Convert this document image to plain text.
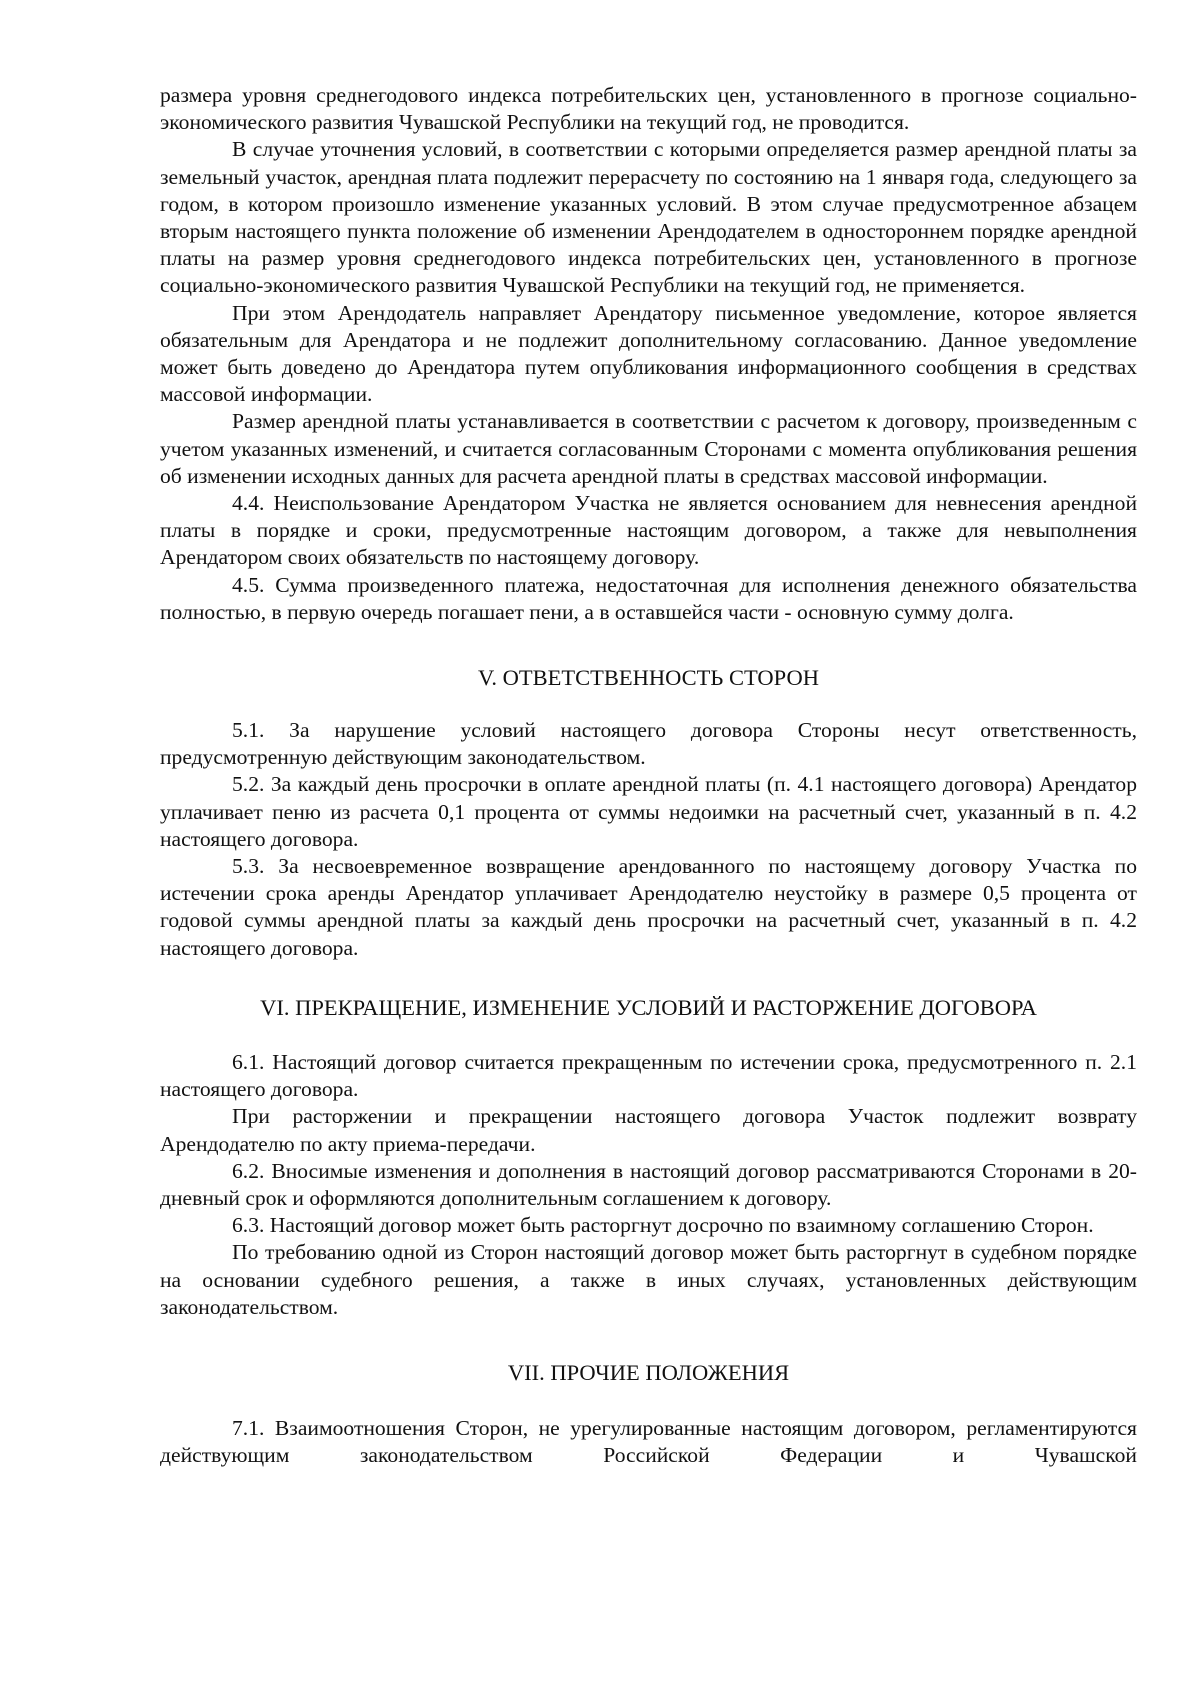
размера уровня среднегодового индекса потребительских цен, установленного в прогнозе социально-экономического развития Чувашской Республики на текущий год, не проводится.

В случае уточнения условий, в соответствии с которыми определяется размер арендной платы за земельный участок, арендная плата подлежит перерасчету по состоянию на 1 января года, следующего за годом, в котором произошло изменение указанных условий. В этом случае предусмотренное абзацем вторым настоящего пункта положение об изменении Арендодателем в одностороннем порядке арендной платы на размер уровня среднегодового индекса потребительских цен, установленного в прогнозе социально-экономического развития Чувашской Республики на текущий год, не применяется.

При этом Арендодатель направляет Арендатору письменное уведомление, которое является обязательным для Арендатора и не подлежит дополнительному согласованию. Данное уведомление может быть доведено до Арендатора путем опубликования информационного сообщения в средствах массовой информации.

Размер арендной платы устанавливается в соответствии с расчетом к договору, произведенным с учетом указанных изменений, и считается согласованным Сторонами с момента опубликования решения об изменении исходных данных для расчета арендной платы в средствах массовой информации.

4.4. Неиспользование Арендатором Участка не является основанием для невнесения арендной платы в порядке и сроки, предусмотренные настоящим договором, а также для невыполнения Арендатором своих обязательств по настоящему договору.

4.5. Сумма произведенного платежа, недостаточная для исполнения денежного обязательства полностью, в первую очередь погашает пени, а в оставшейся части - основную сумму долга.

V. ОТВЕТСТВЕННОСТЬ СТОРОН

5.1. За нарушение условий настоящего договора Стороны несут ответственность, предусмотренную действующим законодательством.

5.2. За каждый день просрочки в оплате арендной платы (п. 4.1 настоящего договора) Арендатор уплачивает пеню из расчета 0,1 процента от суммы недоимки на расчетный счет, указанный в п. 4.2 настоящего договора.

5.3. За несвоевременное возвращение арендованного по настоящему договору Участка по истечении срока аренды Арендатор уплачивает Арендодателю неустойку в размере 0,5 процента от годовой суммы арендной платы за каждый день просрочки на расчетный счет, указанный в п. 4.2 настоящего договора.

VI. ПРЕКРАЩЕНИЕ, ИЗМЕНЕНИЕ УСЛОВИЙ И РАСТОРЖЕНИЕ ДОГОВОРА

6.1. Настоящий договор считается прекращенным по истечении срока, предусмотренного п. 2.1 настоящего договора.

При расторжении и прекращении настоящего договора Участок подлежит возврату Арендодателю по акту приема-передачи.

6.2. Вносимые изменения и дополнения в настоящий договор рассматриваются Сторонами в 20-дневный срок и оформляются дополнительным соглашением к договору.

6.3. Настоящий договор может быть расторгнут досрочно по взаимному соглашению Сторон.

По требованию одной из Сторон настоящий договор может быть расторгнут в судебном порядке на основании судебного решения, а также в иных случаях, установленных действующим законодательством.

VII. ПРОЧИЕ ПОЛОЖЕНИЯ

7.1. Взаимоотношения Сторон, не урегулированные настоящим договором, регламентируются действующим законодательством Российской Федерации и Чувашской
